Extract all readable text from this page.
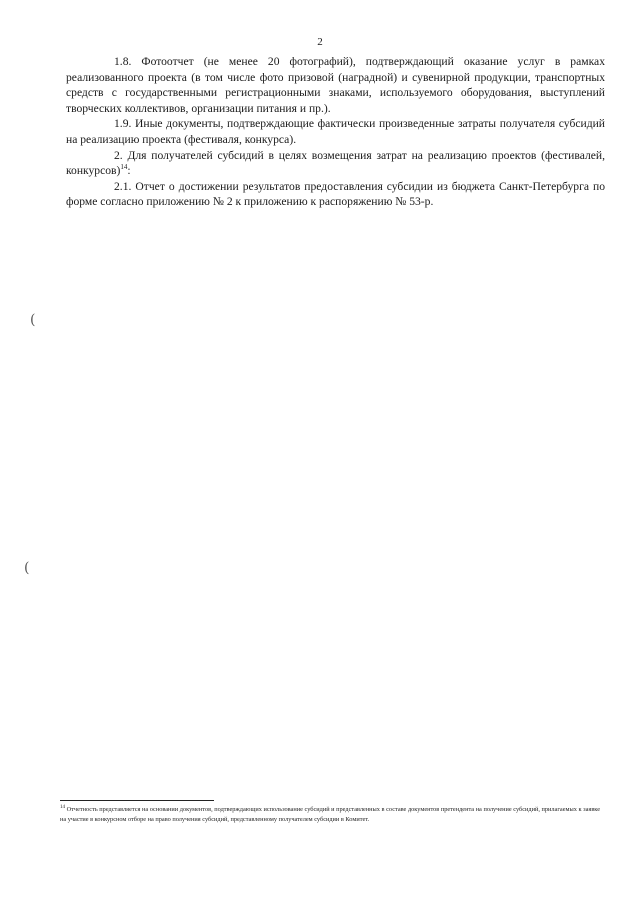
2

1.8. Фотоотчет (не менее 20 фотографий), подтверждающий оказание услуг в рамках реализованного проекта (в том числе фото призовой (наградной) и сувенирной продукции, транспортных средств с государственными регистрационными знаками, используемого оборудования, выступлений творческих коллективов, организации питания и пр.).

1.9. Иные документы, подтверждающие фактически произведенные затраты получателя субсидий на реализацию проекта (фестиваля, конкурса).

2. Для получателей субсидий в целях возмещения затрат на реализацию проектов (фестивалей, конкурсов)$^{14}$:

2.1. Отчет о достижении результатов предоставления субсидии из бюджета Санкт-Петербурга по форме согласно приложению № 2 к приложению к распоряжению № 53-р.

(
(
$^{14}$ Отчетность представляется на основании документов, подтверждающих использование субсидий и представленных в составе документов претендента на получение субсидий, прилагаемых к заявке на участие в конкурсном отборе на право получения субсидий, представленному получателем субсидии в Комитет.
